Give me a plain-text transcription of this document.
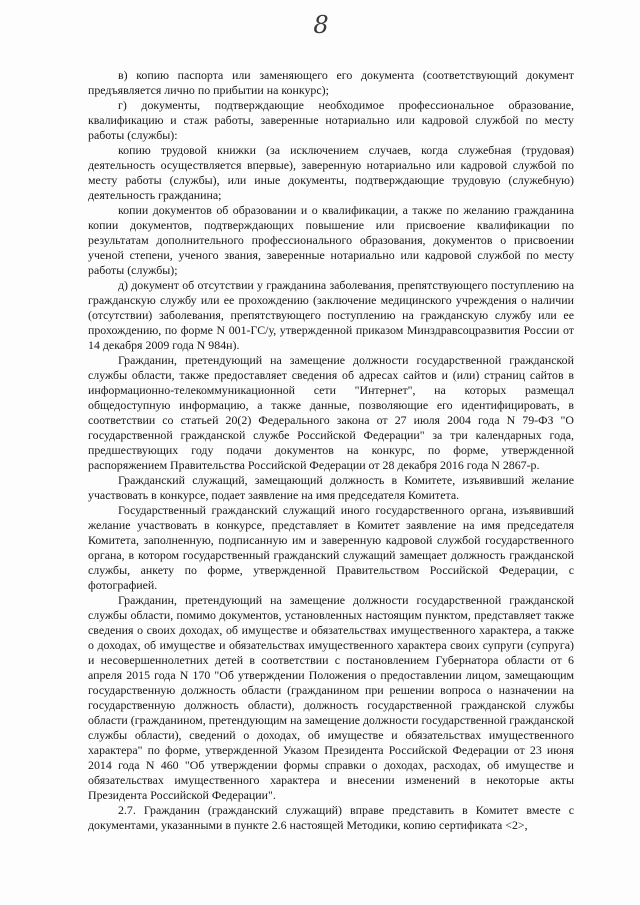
8

в) копию паспорта или заменяющего его документа (соответствующий документ предъявляется лично по прибытии на конкурс);

г) документы, подтверждающие необходимое профессиональное образование, квалификацию и стаж работы, заверенные нотариально или кадровой службой по месту работы (службы):

копию трудовой книжки (за исключением случаев, когда служебная (трудовая) деятельность осуществляется впервые), заверенную нотариально или кадровой службой по месту работы (службы), или иные документы, подтверждающие трудовую (служебную) деятельность гражданина;

копии документов об образовании и о квалификации, а также по желанию гражданина копии документов, подтверждающих повышение или присвоение квалификации по результатам дополнительного профессионального образования, документов о присвоении ученой степени, ученого звания, заверенные нотариально или кадровой службой по месту работы (службы);

д) документ об отсутствии у гражданина заболевания, препятствующего поступлению на гражданскую службу или ее прохождению (заключение медицинского учреждения о наличии (отсутствии) заболевания, препятствующего поступлению на гражданскую службу или ее прохождению, по форме N 001-ГС/у, утвержденной приказом Минздравсоцразвития России от 14 декабря 2009 года N 984н).

Гражданин, претендующий на замещение должности государственной гражданской службы области, также предоставляет сведения об адресах сайтов и (или) страниц сайтов в информационно-телекоммуникационной сети "Интернет", на которых размещал общедоступную информацию, а также данные, позволяющие его идентифицировать, в соответствии со статьей 20(2) Федерального закона от 27 июля 2004 года N 79-ФЗ "О государственной гражданской службе Российской Федерации" за три календарных года, предшествующих году подачи документов на конкурс, по форме, утвержденной распоряжением Правительства Российской Федерации от 28 декабря 2016 года N 2867-р.

Гражданский служащий, замещающий должность в Комитете, изъявивший желание участвовать в конкурсе, подает заявление на имя председателя Комитета.

Государственный гражданский служащий иного государственного органа, изъявивший желание участвовать в конкурсе, представляет в Комитет заявление на имя председателя Комитета, заполненную, подписанную им и заверенную кадровой службой государственного органа, в котором государственный гражданский служащий замещает должность гражданской службы, анкету по форме, утвержденной Правительством Российской Федерации, с фотографией.

Гражданин, претендующий на замещение должности государственной гражданской службы области, помимо документов, установленных настоящим пунктом, представляет также сведения о своих доходах, об имуществе и обязательствах имущественного характера, а также о доходах, об имуществе и обязательствах имущественного характера своих супруги (супруга) и несовершеннолетних детей в соответствии с постановлением Губернатора области от 6 апреля 2015 года N 170 "Об утверждении Положения о предоставлении лицом, замещающим государственную должность области (гражданином при решении вопроса о назначении на государственную должность области), должность государственной гражданской службы области (гражданином, претендующим на замещение должности государственной гражданской службы области), сведений о доходах, об имуществе и обязательствах имущественного характера" по форме, утвержденной Указом Президента Российской Федерации от 23 июня 2014 года N 460 "Об утверждении формы справки о доходах, расходах, об имуществе и обязательствах имущественного характера и внесении изменений в некоторые акты Президента Российской Федерации".

2.7. Гражданин (гражданский служащий) вправе представить в Комитет вместе с документами, указанными в пункте 2.6 настоящей Методики, копию сертификата <2>,
